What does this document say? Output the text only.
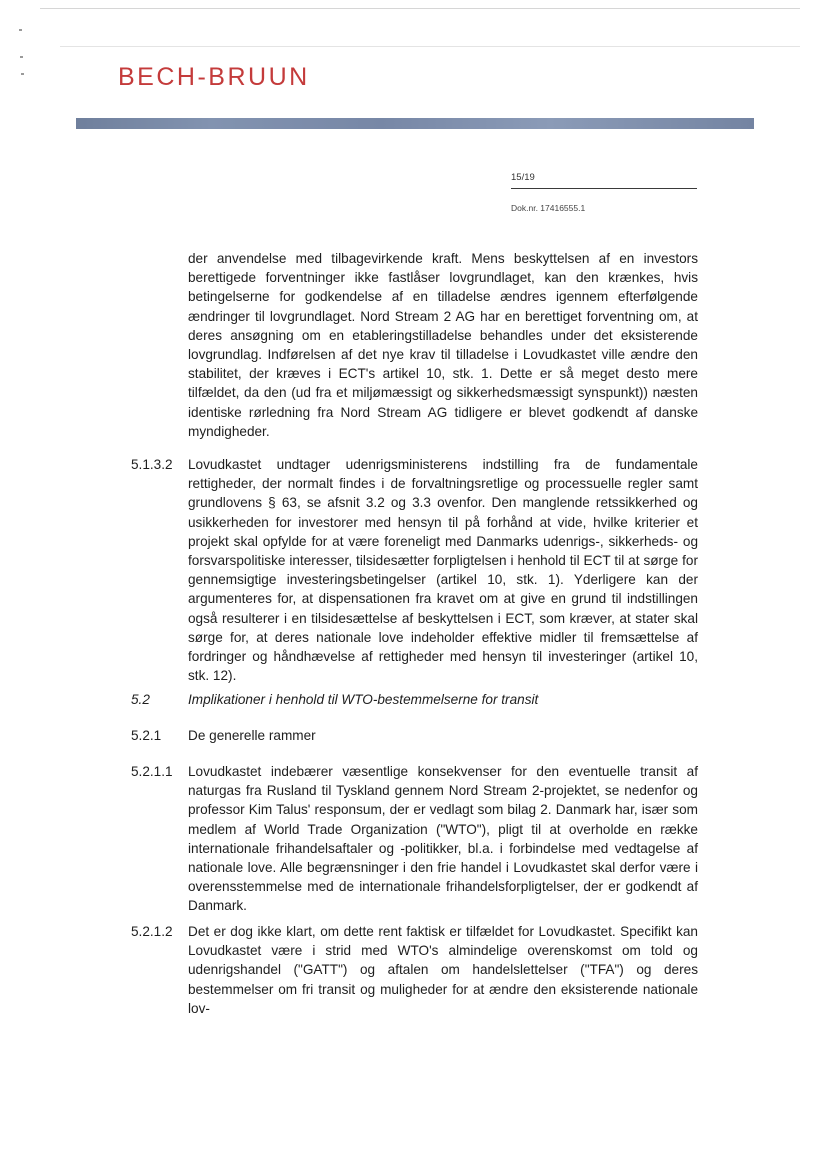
BECH-BRUUN
15/19
Dok.nr. 17416555.1
der anvendelse med tilbagevirkende kraft. Mens beskyttelsen af en investors berettigede forventninger ikke fastlåser lovgrundlaget, kan den krænkes, hvis betingelserne for godkendelse af en tilladelse ændres igennem efterfølgende ændringer til lovgrundlaget. Nord Stream 2 AG har en berettiget forventning om, at deres ansøgning om en etableringstilladelse behandles under det eksisterende lovgrundlag. Indførelsen af det nye krav til tilladelse i Lovudkastet ville ændre den stabilitet, der kræves i ECT's artikel 10, stk. 1. Dette er så meget desto mere tilfældet, da den (ud fra et miljømæssigt og sikkerhedsmæssigt synspunkt)) næsten identiske rørledning fra Nord Stream AG tidligere er blevet godkendt af danske myndigheder.
5.1.3.2	Lovudkastet undtager udenrigsministerens indstilling fra de fundamentale rettigheder, der normalt findes i de forvaltningsretlige og processuelle regler samt grundlovens § 63, se afsnit 3.2 og 3.3 ovenfor. Den manglende retssikkerhed og usikkerheden for investorer med hensyn til på forhånd at vide, hvilke kriterier et projekt skal opfylde for at være foreneligt med Danmarks udenrigs-, sikkerheds- og forsvarspolitiske interesser, tilsidesætter forpligtelsen i henhold til ECT til at sørge for gennemsigtige investeringsbetingelser (artikel 10, stk. 1). Yderligere kan der argumenteres for, at dispensationen fra kravet om at give en grund til indstillingen også resulterer i en tilsidesættelse af beskyttelsen i ECT, som kræver, at stater skal sørge for, at deres nationale love indeholder effektive midler til fremsættelse af fordringer og håndhævelse af rettigheder med hensyn til investeringer (artikel 10, stk. 12).
5.2	Implikationer i henhold til WTO-bestemmelserne for transit
5.2.1	De generelle rammer
5.2.1.1	Lovudkastet indebærer væsentlige konsekvenser for den eventuelle transit af naturgas fra Rusland til Tyskland gennem Nord Stream 2-projektet, se nedenfor og professor Kim Talus' responsum, der er vedlagt som bilag 2. Danmark har, især som medlem af World Trade Organization ("WTO"), pligt til at overholde en række internationale frihandelsaftaler og -politikker, bl.a. i forbindelse med vedtagelse af nationale love. Alle begrænsninger i den frie handel i Lovudkastet skal derfor være i overensstemmelse med de internationale frihandelsforpligtelser, der er godkendt af Danmark.
5.2.1.2	Det er dog ikke klart, om dette rent faktisk er tilfældet for Lovudkastet. Specifikt kan Lovudkastet være i strid med WTO's almindelige overenskomst om told og udenrigshandel ("GATT") og aftalen om handelslettelser ("TFA") og deres bestemmelser om fri transit og muligheder for at ændre den eksisterende nationale lov-
